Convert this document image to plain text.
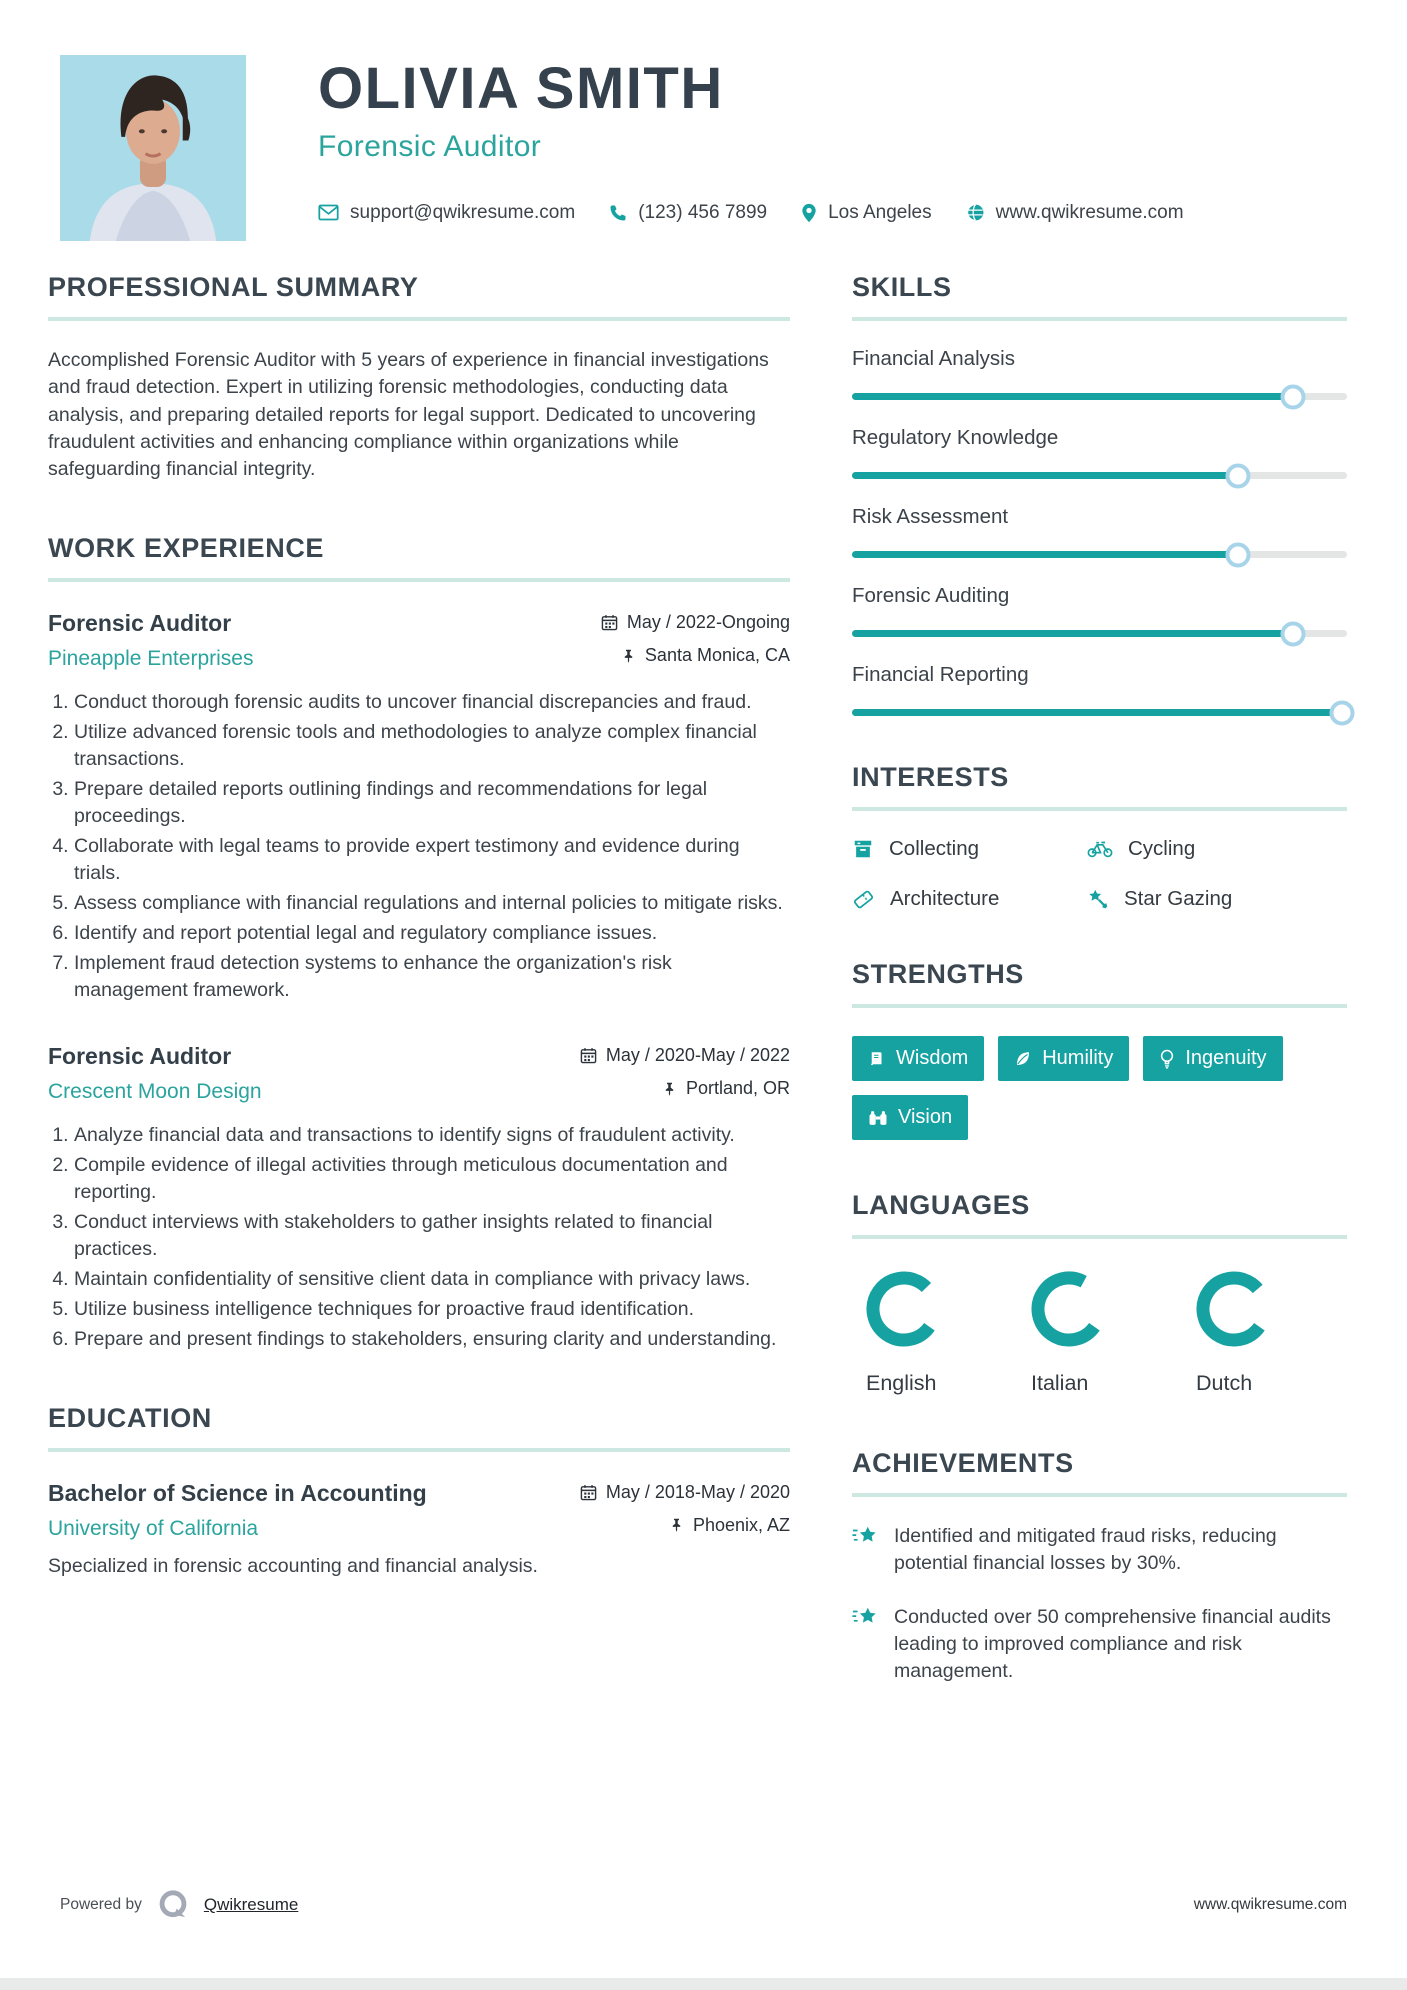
OLIVIA SMITH
Forensic Auditor
support@qwikresume.com	(123) 456 7899	Los Angeles	www.qwikresume.com
PROFESSIONAL SUMMARY

Accomplished Forensic Auditor with 5 years of experience in financial investigations and fraud detection. Expert in utilizing forensic methodologies, conducting data analysis, and preparing detailed reports for legal support. Dedicated to uncovering fraudulent activities and enhancing compliance within organizations while safeguarding financial integrity.

WORK EXPERIENCE
Forensic Auditor
Pineapple Enterprises
May / 2022-Ongoing
Santa Monica, CA
1. Conduct thorough forensic audits to uncover financial discrepancies and fraud.
2. Utilize advanced forensic tools and methodologies to analyze complex financial transactions.
3. Prepare detailed reports outlining findings and recommendations for legal proceedings.
4. Collaborate with legal teams to provide expert testimony and evidence during trials.
5. Assess compliance with financial regulations and internal policies to mitigate risks.
6. Identify and report potential legal and regulatory compliance issues.
7. Implement fraud detection systems to enhance the organization's risk management framework.
Forensic Auditor
Crescent Moon Design
May / 2020-May / 2022
Portland, OR
1. Analyze financial data and transactions to identify signs of fraudulent activity.
2. Compile evidence of illegal activities through meticulous documentation and reporting.
3. Conduct interviews with stakeholders to gather insights related to financial practices.
4. Maintain confidentiality of sensitive client data in compliance with privacy laws.
5. Utilize business intelligence techniques for proactive fraud identification.
6. Prepare and present findings to stakeholders, ensuring clarity and understanding.
EDUCATION
Bachelor of Science in Accounting
University of California
May / 2018-May / 2020
Phoenix, AZ
Specialized in forensic accounting and financial analysis.
SKILLS
Financial Analysis
Regulatory Knowledge
Risk Assessment
Forensic Auditing
Financial Reporting
INTERESTS
Collecting	Cycling
Architecture	Star Gazing
STRENGTHS
Wisdom	Humility	Ingenuity
Vision
LANGUAGES
English	Italian	Dutch
ACHIEVEMENTS
Identified and mitigated fraud risks, reducing potential financial losses by 30%.
Conducted over 50 comprehensive financial audits leading to improved compliance and risk management.
Powered by	Qwikresume	www.qwikresume.com
